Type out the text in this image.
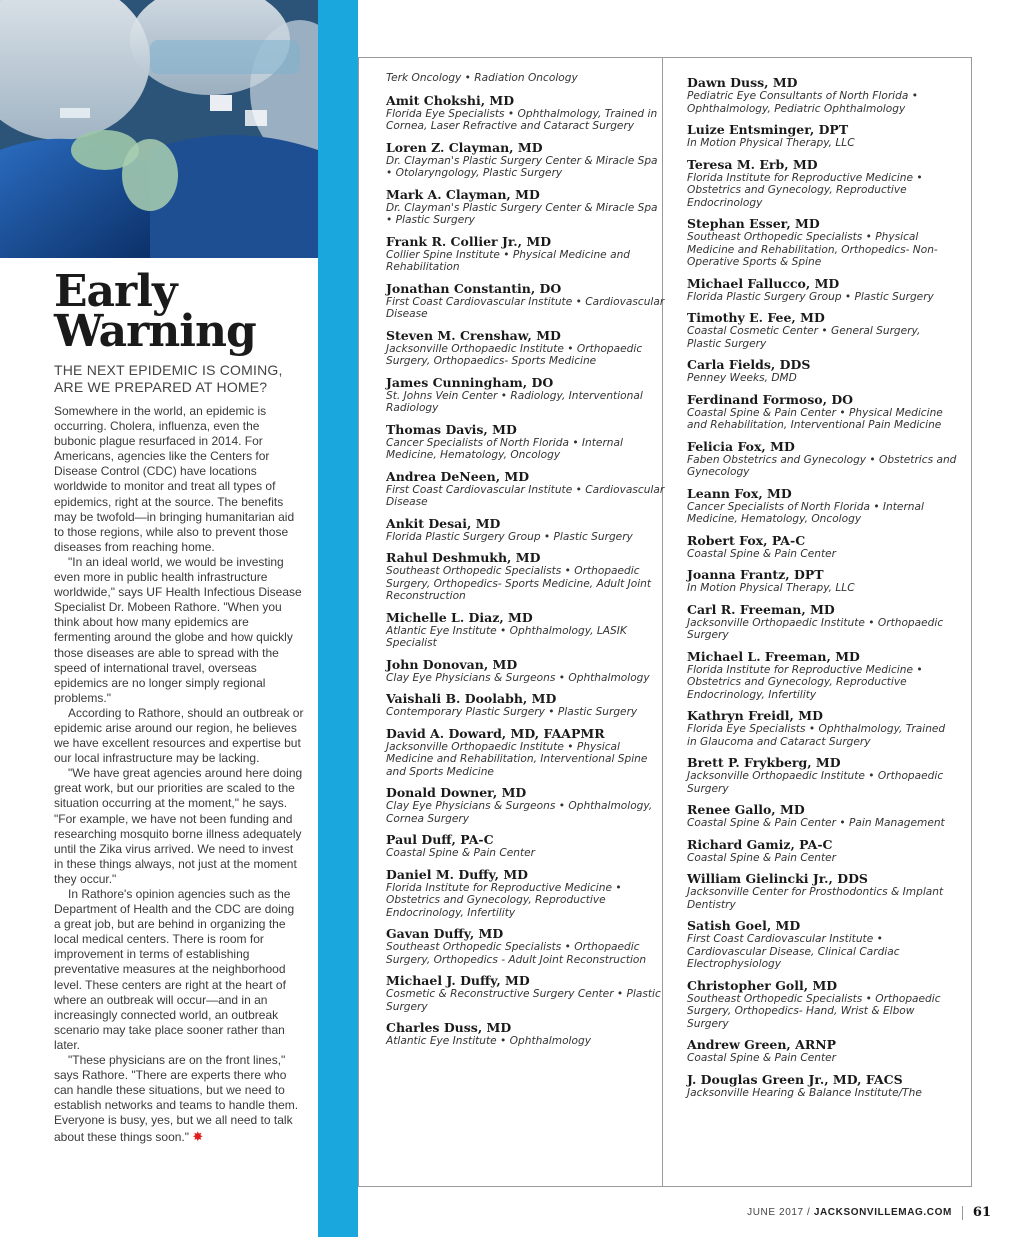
Early
Warning
THE NEXT EPIDEMIC IS COMING, ARE WE PREPARED AT HOME?

Somewhere in the world, an epidemic is occurring. Cholera, influenza, even the bubonic plague resurfaced in 2014. For Americans, agencies like the Centers for Disease Control (CDC) have locations worldwide to monitor and treat all types of epidemics, right at the source. The benefits may be twofold—in bringing humanitarian aid to those regions, while also to prevent those diseases from reaching home.

"In an ideal world, we would be investing even more in public health infrastructure worldwide," says UF Health Infectious Disease Specialist Dr. Mobeen Rathore. "When you think about how many epidemics are fermenting around the globe and how quickly those diseases are able to spread with the speed of international travel, overseas epidemics are no longer simply regional problems."

According to Rathore, should an outbreak or epidemic arise around our region, he believes we have excellent resources and expertise but our local infrastructure may be lacking.

"We have great agencies around here doing great work, but our priorities are scaled to the situation occurring at the moment," he says. "For example, we have not been funding and researching mosquito borne illness adequately until the Zika virus arrived. We need to invest in these things always, not just at the moment they occur."

In Rathore's opinion agencies such as the Department of Health and the CDC are doing a great job, but are behind in organizing the local medical centers. There is room for improvement in terms of establishing preventative measures at the neighborhood level. These centers are right at the heart of where an outbreak will occur—and in an increasingly connected world, an outbreak scenario may take place sooner rather than later.

"These physicians are on the front lines," says Rathore. "There are experts there who can handle these situations, but we need to establish networks and teams to handle them. Everyone is busy, yes, but we all need to talk about these things soon." ✸

Terk Oncology • Radiation Oncology
Amit Chokshi, MD
Florida Eye Specialists • Ophthalmology, Trained in Cornea, Laser Refractive and Cataract Surgery
Loren Z. Clayman, MD
Dr. Clayman's Plastic Surgery Center & Miracle Spa • Otolaryngology, Plastic Surgery
Mark A. Clayman, MD
Dr. Clayman's Plastic Surgery Center & Miracle Spa • Plastic Surgery
Frank R. Collier Jr., MD
Collier Spine Institute • Physical Medicine and Rehabilitation
Jonathan Constantin, DO
First Coast Cardiovascular Institute • Cardiovascular Disease
Steven M. Crenshaw, MD
Jacksonville Orthopaedic Institute • Orthopaedic Surgery, Orthopaedics- Sports Medicine
James Cunningham, DO
St. Johns Vein Center • Radiology, Interventional Radiology
Thomas Davis, MD
Cancer Specialists of North Florida • Internal Medicine, Hematology, Oncology
Andrea DeNeen, MD
First Coast Cardiovascular Institute • Cardiovascular Disease
Ankit Desai, MD
Florida Plastic Surgery Group • Plastic Surgery
Rahul Deshmukh, MD
Southeast Orthopedic Specialists • Orthopaedic Surgery, Orthopedics- Sports Medicine, Adult Joint Reconstruction
Michelle L. Diaz, MD
Atlantic Eye Institute • Ophthalmology, LASIK Specialist
John Donovan, MD
Clay Eye Physicians & Surgeons • Ophthalmology
Vaishali B. Doolabh, MD
Contemporary Plastic Surgery • Plastic Surgery
David A. Doward, MD, FAAPMR
Jacksonville Orthopaedic Institute • Physical Medicine and Rehabilitation, Interventional Spine and Sports Medicine
Donald Downer, MD
Clay Eye Physicians & Surgeons • Ophthalmology, Cornea Surgery
Paul Duff, PA-C
Coastal Spine & Pain Center
Daniel M. Duffy, MD
Florida Institute for Reproductive Medicine • Obstetrics and Gynecology, Reproductive Endocrinology, Infertility
Gavan Duffy, MD
Southeast Orthopedic Specialists • Orthopaedic Surgery, Orthopedics - Adult Joint Reconstruction
Michael J. Duffy, MD
Cosmetic & Reconstructive Surgery Center • Plastic Surgery
Charles Duss, MD
Atlantic Eye Institute • Ophthalmology
Dawn Duss, MD
Pediatric Eye Consultants of North Florida • Ophthalmology, Pediatric Ophthalmology
Luize Entsminger, DPT
In Motion Physical Therapy, LLC
Teresa M. Erb, MD
Florida Institute for Reproductive Medicine • Obstetrics and Gynecology, Reproductive Endocrinology
Stephan Esser, MD
Southeast Orthopedic Specialists • Physical Medicine and Rehabilitation, Orthopedics- Non-Operative Sports & Spine
Michael Fallucco, MD
Florida Plastic Surgery Group • Plastic Surgery
Timothy E. Fee, MD
Coastal Cosmetic Center • General Surgery, Plastic Surgery
Carla Fields, DDS
Penney Weeks, DMD
Ferdinand Formoso, DO
Coastal Spine & Pain Center • Physical Medicine and Rehabilitation, Interventional Pain Medicine
Felicia Fox, MD
Faben Obstetrics and Gynecology • Obstetrics and Gynecology
Leann Fox, MD
Cancer Specialists of North Florida • Internal Medicine, Hematology, Oncology
Robert Fox, PA-C
Coastal Spine & Pain Center
Joanna Frantz, DPT
In Motion Physical Therapy, LLC
Carl R. Freeman, MD
Jacksonville Orthopaedic Institute • Orthopaedic Surgery
Michael L. Freeman, MD
Florida Institute for Reproductive Medicine • Obstetrics and Gynecology, Reproductive Endocrinology, Infertility
Kathryn Freidl, MD
Florida Eye Specialists • Ophthalmology, Trained in Glaucoma and Cataract Surgery
Brett P. Frykberg, MD
Jacksonville Orthopaedic Institute • Orthopaedic Surgery
Renee Gallo, MD
Coastal Spine & Pain Center • Pain Management
Richard Gamiz, PA-C
Coastal Spine & Pain Center
William Gielincki Jr., DDS
Jacksonville Center for Prosthodontics & Implant Dentistry
Satish Goel, MD
First Coast Cardiovascular Institute • Cardiovascular Disease, Clinical Cardiac Electrophysiology
Christopher Goll, MD
Southeast Orthopedic Specialists • Orthopaedic Surgery, Orthopedics- Hand, Wrist & Elbow Surgery
Andrew Green, ARNP
Coastal Spine & Pain Center
J. Douglas Green Jr., MD, FACS
Jacksonville Hearing & Balance Institute/The
JUNE 2017 /
JACKSONVILLEMAG.COM 61
